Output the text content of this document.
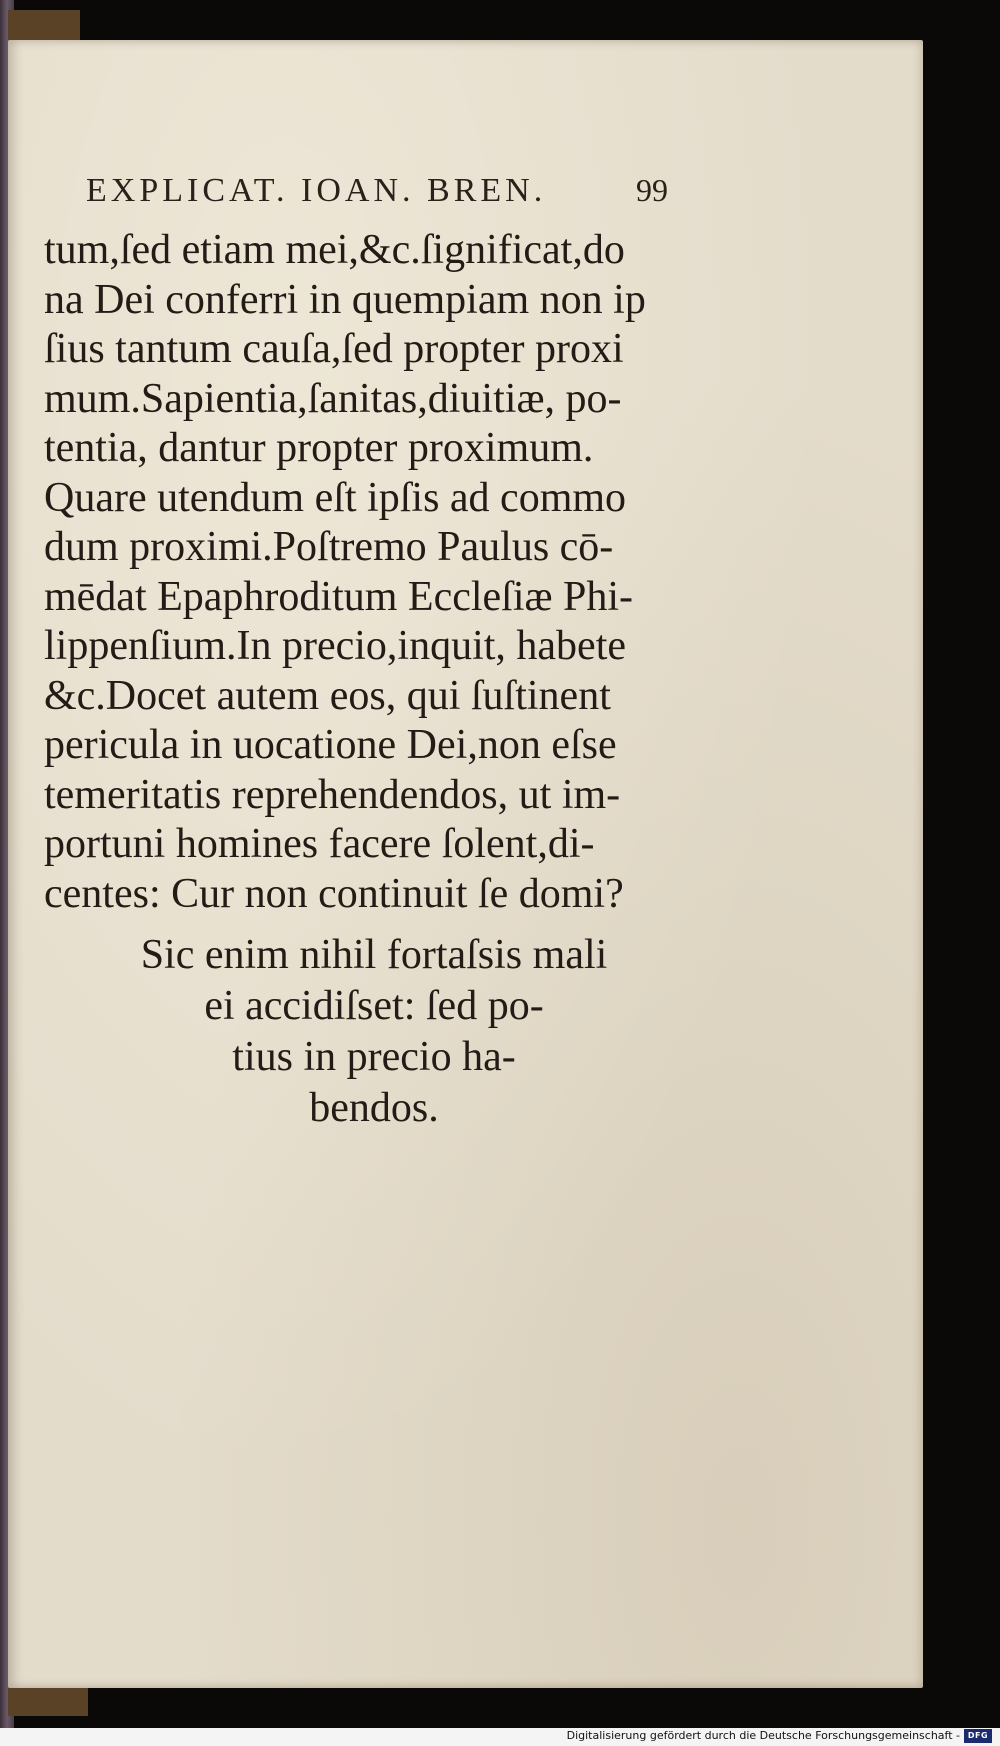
EXPLICAT. IOAN. BREN.	99
tum,ſed etiam mei,&c.ſignificat,do
na Dei conferri in quempiam non ip
ſius tantum cauſa,ſed propter proxi
mum.Sapientia,ſanitas,diuitiæ, po-
tentia, dantur propter proximum.
Quare utendum eſt ipſis ad commo
dum proximi.Poſtremo Paulus cō-
mēdat Epaphroditum Eccleſiæ Phi-
lippenſium.In precio,inquit, habete
&c.Docet autem eos, qui ſuſtinent
pericula in uocatione Dei,non eſse
temeritatis reprehendendos, ut im-
portuni homines facere ſolent,di-
centes: Cur non continuit ſe domi?
Sic enim nihil fortaſsis mali
ei accidiſset: ſed po-
tius in precio ha-
bendos.
Digitalisierung gefördert durch die Deutsche Forschungsgemeinschaft - DFG
